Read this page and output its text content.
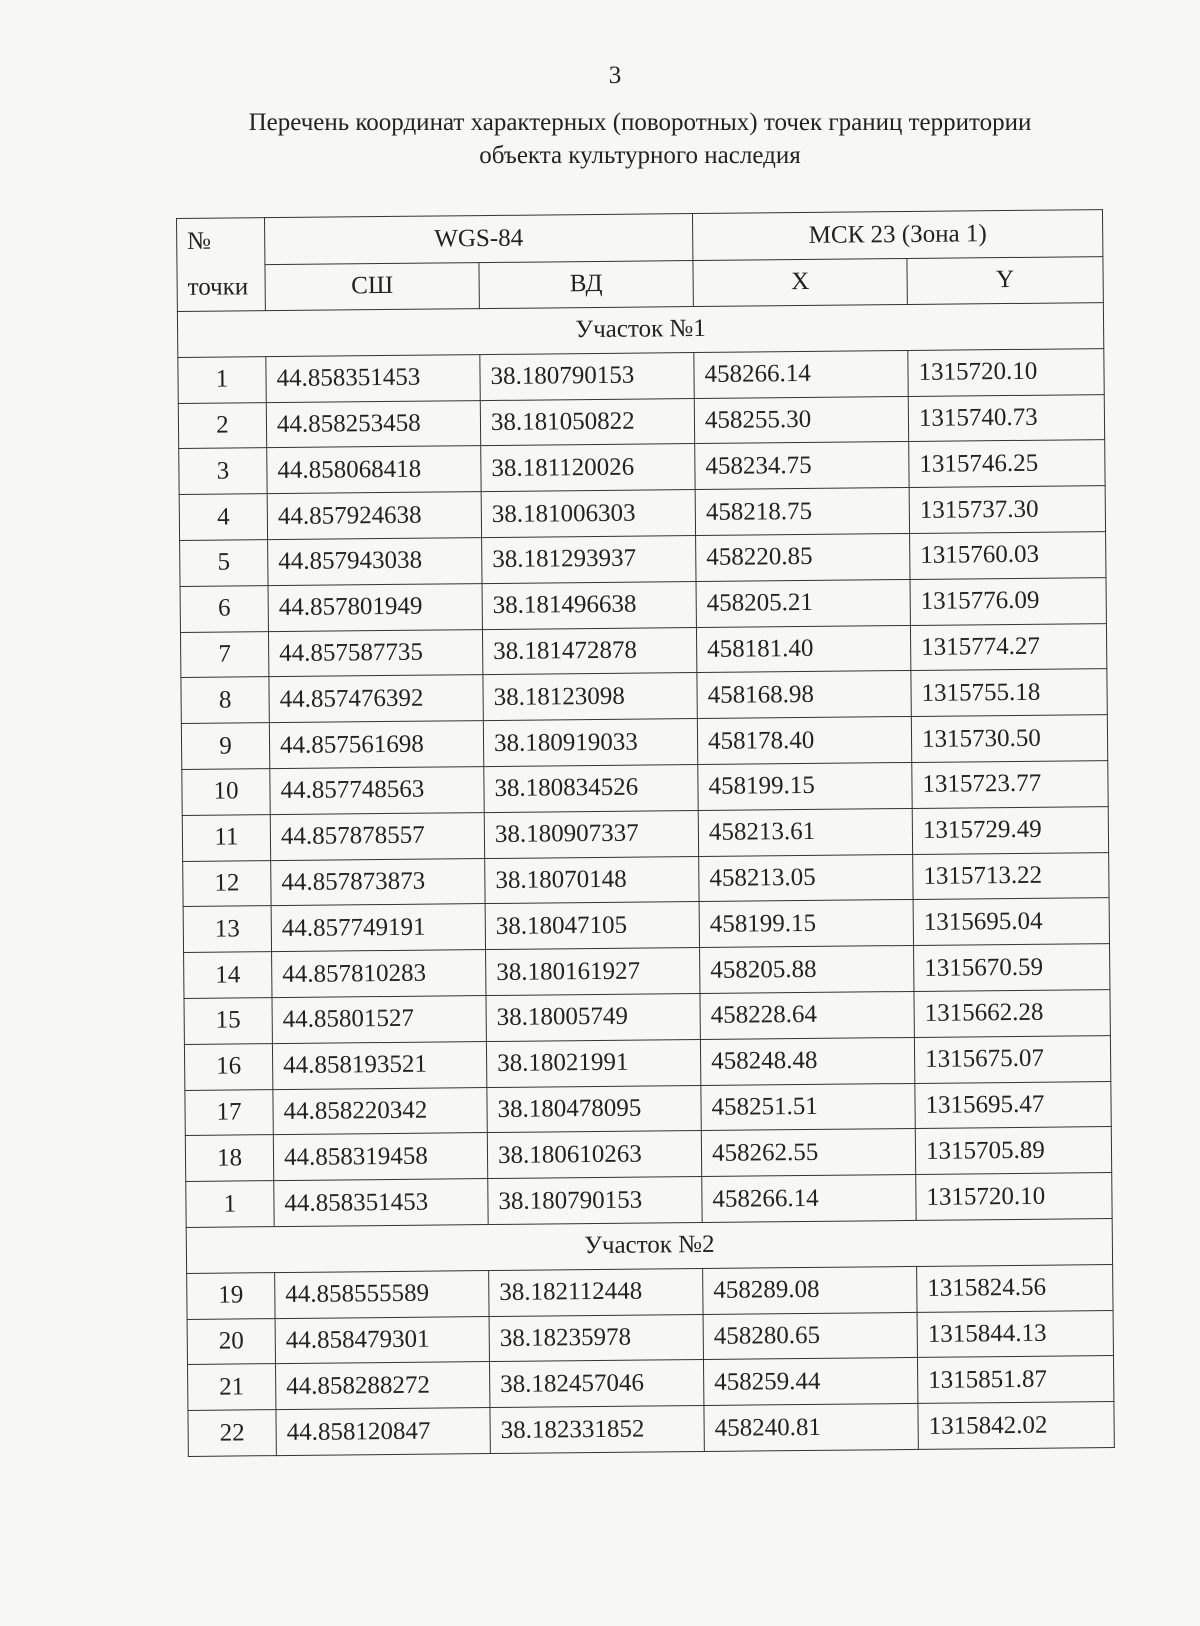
3
Перечень координат характерных (поворотных) точек границ территории
объекта культурного наследия
№
точки	WGS-84		МСК 23 (Зона 1)	
	СШ	ВД	X	Y
Участок №1				
1	44.858351453	38.180790153	458266.14	1315720.10
2	44.858253458	38.181050822	458255.30	1315740.73
3	44.858068418	38.181120026	458234.75	1315746.25
4	44.857924638	38.181006303	458218.75	1315737.30
5	44.857943038	38.181293937	458220.85	1315760.03
6	44.857801949	38.181496638	458205.21	1315776.09
7	44.857587735	38.181472878	458181.40	1315774.27
8	44.857476392	38.18123098	458168.98	1315755.18
9	44.857561698	38.180919033	458178.40	1315730.50
10	44.857748563	38.180834526	458199.15	1315723.77
11	44.857878557	38.180907337	458213.61	1315729.49
12	44.857873873	38.18070148	458213.05	1315713.22
13	44.857749191	38.18047105	458199.15	1315695.04
14	44.857810283	38.180161927	458205.88	1315670.59
15	44.85801527	38.18005749	458228.64	1315662.28
16	44.858193521	38.18021991	458248.48	1315675.07
17	44.858220342	38.180478095	458251.51	1315695.47
18	44.858319458	38.180610263	458262.55	1315705.89
1	44.858351453	38.180790153	458266.14	1315720.10
Участок №2				
19	44.858555589	38.182112448	458289.08	1315824.56
20	44.858479301	38.18235978	458280.65	1315844.13
21	44.858288272	38.182457046	458259.44	1315851.87
22	44.858120847	38.182331852	458240.81	1315842.02
